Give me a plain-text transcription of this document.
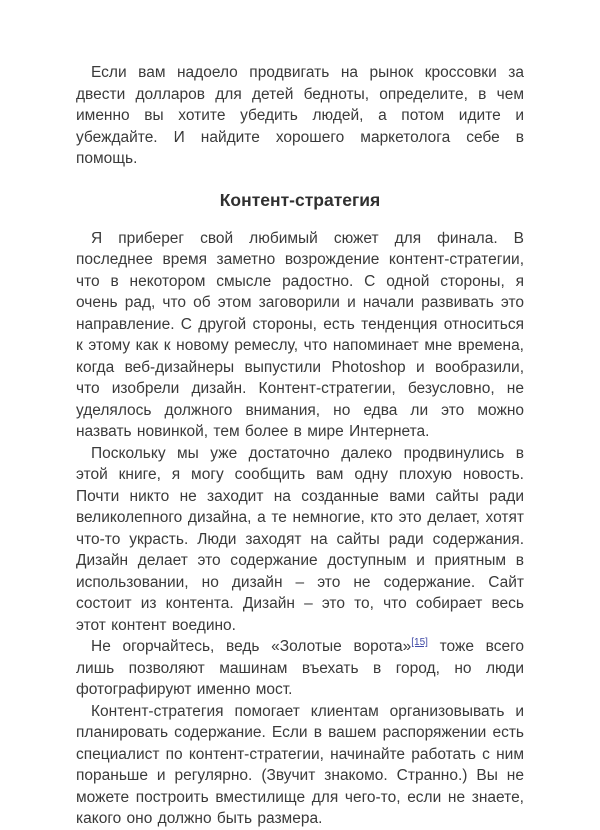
Если вам надоело продвигать на рынок кроссовки за двести долларов для детей бедноты, определите, в чем именно вы хотите убедить людей, а потом идите и убеждайте. И найдите хорошего маркетолога себе в помощь.

Контент-стратегия

Я приберег свой любимый сюжет для финала. В последнее время заметно возрождение контент-стратегии, что в некотором смысле радостно. С одной стороны, я очень рад, что об этом заговорили и начали развивать это направление. С другой стороны, есть тенденция относиться к этому как к новому ремеслу, что напоминает мне времена, когда веб-дизайнеры выпустили Photoshop и вообразили, что изобрели дизайн. Контент-стратегии, безусловно, не уделялось должного внимания, но едва ли это можно назвать новинкой, тем более в мире Интернета.

Поскольку мы уже достаточно далеко продвинулись в этой книге, я могу сообщить вам одну плохую новость. Почти никто не заходит на созданные вами сайты ради великолепного дизайна, а те немногие, кто это делает, хотят что-то украсть. Люди заходят на сайты ради содержания. Дизайн делает это содержание доступным и приятным в использовании, но дизайн – это не содержание. Сайт состоит из контента. Дизайн – это то, что собирает весь этот контент воедино.

Не огорчайтесь, ведь «Золотые ворота»[15] тоже всего лишь позволяют машинам въехать в город, но люди фотографируют именно мост.

Контент-стратегия помогает клиентам организовывать и планировать содержание. Если в вашем распоряжении есть специалист по контент-стратегии, начинайте работать с ним пораньше и регулярно. (Звучит знакомо. Странно.) Вы не можете построить вместилище для чего-то, если не знаете, какого оно должно быть размера.
